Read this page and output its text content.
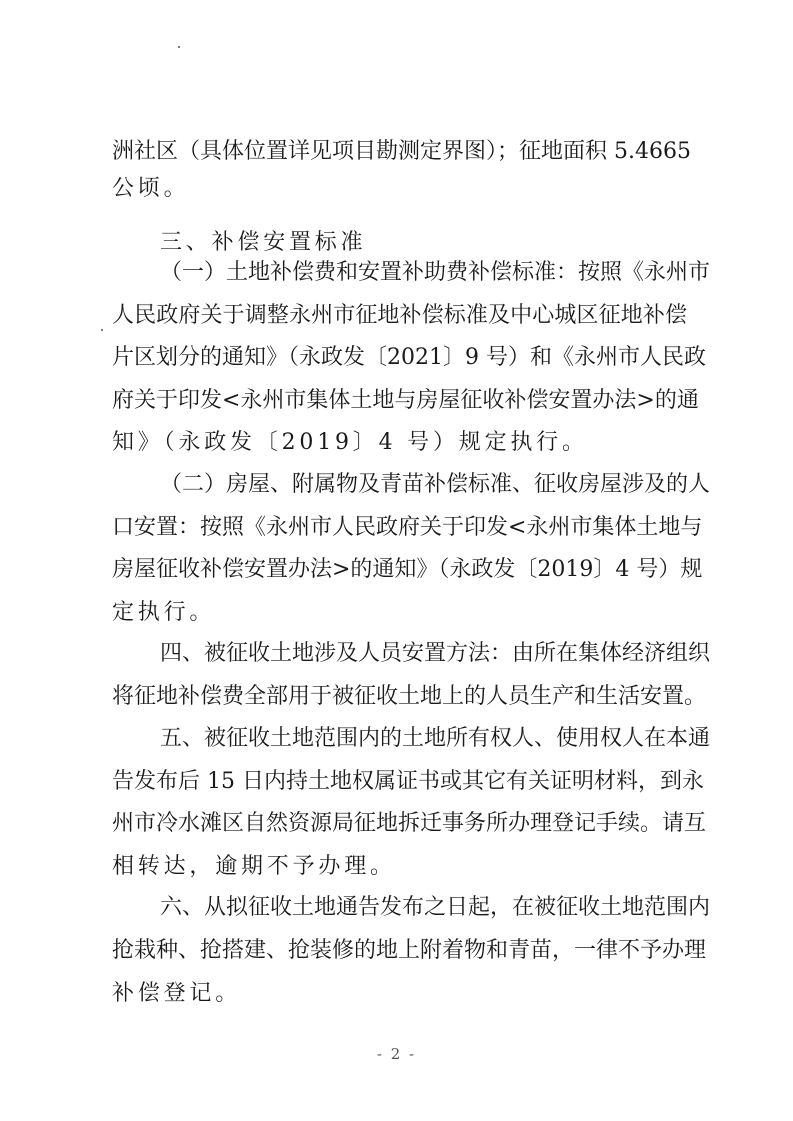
洲社区（具体位置详见项目勘测定界图）；征地面积 5.4665
公顷。
三、补偿安置标准
（一）土地补偿费和安置补助费补偿标准：按照《永州市
人民政府关于调整永州市征地补偿标准及中心城区征地补偿
片区划分的通知》（永政发〔2021〕9 号）和《永州市人民政
府关于印发<永州市集体土地与房屋征收补偿安置办法>的通
知》（永政发〔2019〕4 号）规定执行。
（二）房屋、附属物及青苗补偿标准、征收房屋涉及的人
口安置：按照《永州市人民政府关于印发<永州市集体土地与
房屋征收补偿安置办法>的通知》（永政发〔2019〕4 号）规
定执行。
四、被征收土地涉及人员安置方法：由所在集体经济组织
将征地补偿费全部用于被征收土地上的人员生产和生活安置。
五、被征收土地范围内的土地所有权人、使用权人在本通
告发布后 15 日内持土地权属证书或其它有关证明材料，到永
州市冷水滩区自然资源局征地拆迁事务所办理登记手续。请互
相转达，逾期不予办理。
六、从拟征收土地通告发布之日起，在被征收土地范围内
抢栽种、抢搭建、抢装修的地上附着物和青苗，一律不予办理
补偿登记。
- 2 -
